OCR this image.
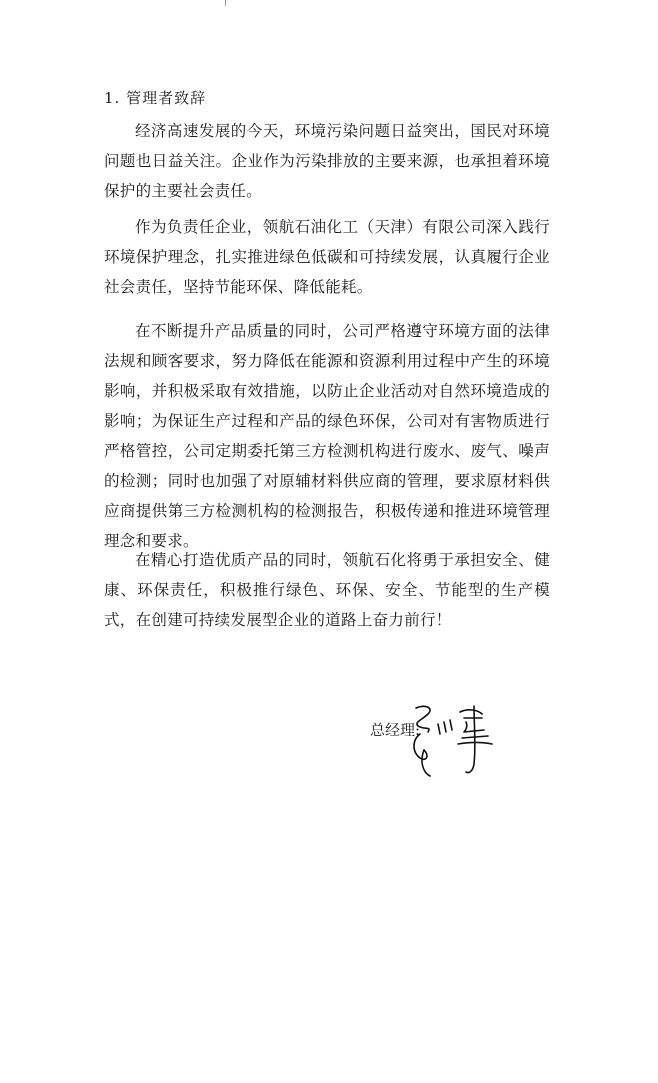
1. 管理者致辞

经济高速发展的今天，环境污染问题日益突出，国民对环境问题也日益关注。企业作为污染排放的主要来源，也承担着环境保护的主要社会责任。

作为负责任企业，领航石油化工（天津）有限公司深入践行环境保护理念，扎实推进绿色低碳和可持续发展，认真履行企业社会责任，坚持节能环保、降低能耗。

在不断提升产品质量的同时，公司严格遵守环境方面的法律法规和顾客要求，努力降低在能源和资源利用过程中产生的环境影响，并积极采取有效措施，以防止企业活动对自然环境造成的影响；为保证生产过程和产品的绿色环保，公司对有害物质进行严格管控，公司定期委托第三方检测机构进行废水、废气、噪声的检测；同时也加强了对原辅材料供应商的管理，要求原材料供应商提供第三方检测机构的检测报告，积极传递和推进环境管理理念和要求。

在精心打造优质产品的同时，领航石化将勇于承担安全、健康、环保责任，积极推行绿色、环保、安全、节能型的生产模式，在创建可持续发展型企业的道路上奋力前行！

总经理:
